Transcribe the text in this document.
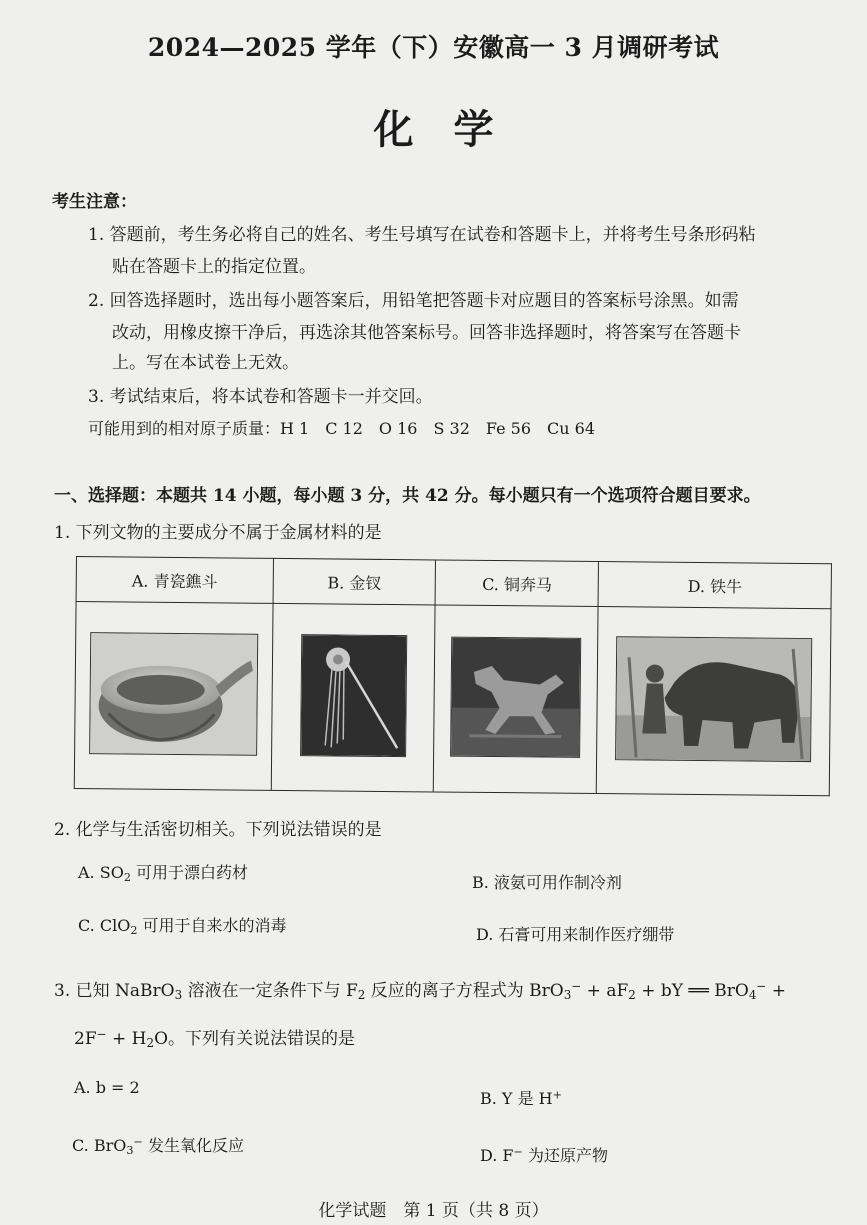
2024—2025 学年（下）安徽高一 3 月调研考试
化学
考生注意：
1. 答题前，考生务必将自己的姓名、考生号填写在试卷和答题卡上，并将考生号条形码粘
贴在答题卡上的指定位置。
2. 回答选择题时，选出每小题答案后，用铅笔把答题卡对应题目的答案标号涂黑。如需
改动，用橡皮擦干净后，再选涂其他答案标号。回答非选择题时，将答案写在答题卡
上。写在本试卷上无效。
3. 考试结束后，将本试卷和答题卡一并交回。
可能用到的相对原子质量：H 1　C 12　O 16　S 32　Fe 56　Cu 64
一、选择题：本题共 14 小题，每小题 3 分，共 42 分。每小题只有一个选项符合题目要求。
1. 下列文物的主要成分不属于金属材料的是
A. 青瓷鐎斗	B. 金钗	C. 铜奔马	D. 铁牛

2. 化学与生活密切相关。下列说法错误的是
A. $SO_2$ 可用于漂白药材
B. 液氨可用作制冷剂
C. ClO$_2$ 可用于自来水的消毒	D. 石膏可用来制作医疗绷带
3. 已知 NaBrO$_3$ 溶液在一定条件下与 $F_2$ 反应的离子方程式为 $BrO_3^- + aF_2$ + bY ══ BrO$_4$− +
$2F^- + H_2O$。下列有关说法错误的是
A. b = 2
B. Y 是 H+
C. BrO$_3$− 发生氧化反应
D. F− 为还原产物
化学试题　第 1 页（共 8 页）
